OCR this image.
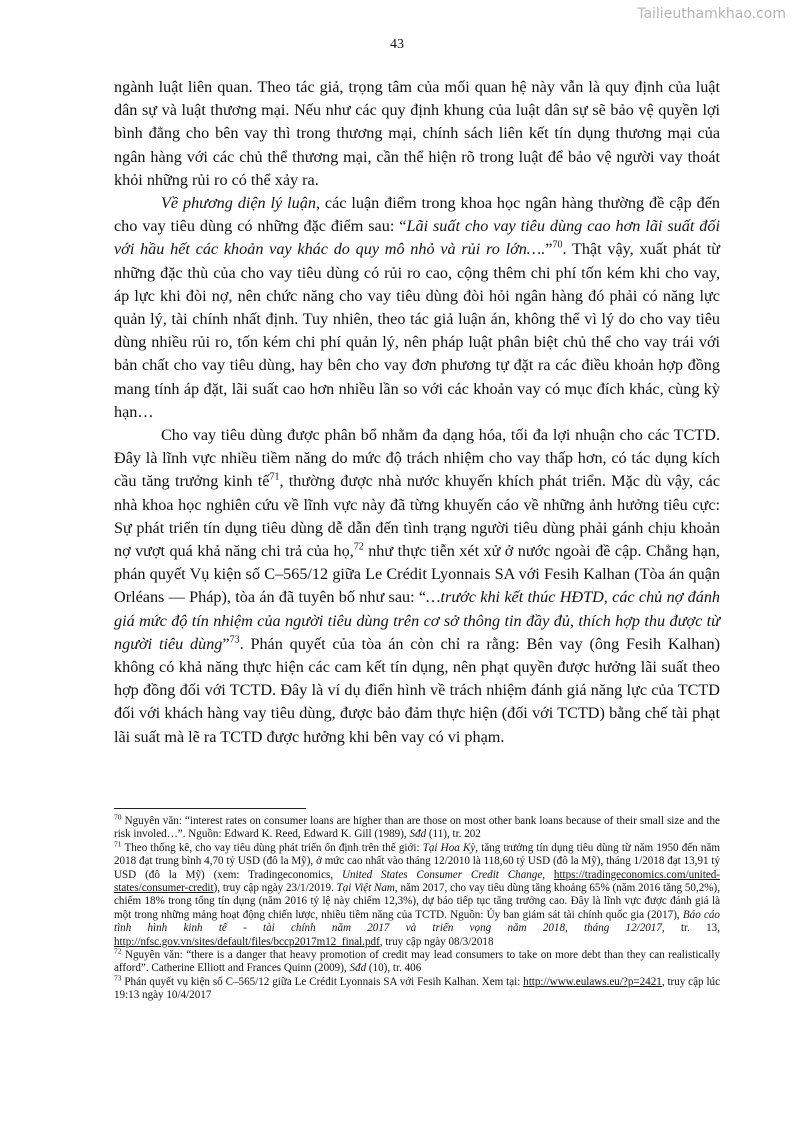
Tailieuthamkhao.com
43

ngành luật liên quan. Theo tác giả, trọng tâm của mối quan hệ này vẫn là quy định của luật dân sự và luật thương mại. Nếu như các quy định khung của luật dân sự sẽ bảo vệ quyền lợi bình đẳng cho bên vay thì trong thương mại, chính sách liên kết tín dụng thương mại của ngân hàng với các chủ thể thương mại, cần thể hiện rõ trong luật để bảo vệ người vay thoát khỏi những rủi ro có thể xảy ra.

Về phương diện lý luận, các luận điểm trong khoa học ngân hàng thường đề cập đến cho vay tiêu dùng có những đặc điểm sau: “Lãi suất cho vay tiêu dùng cao hơn lãi suất đối với hầu hết các khoản vay khác do quy mô nhỏ và rủi ro lớn….”$^{70}$. Thật vậy, xuất phát từ những đặc thù của cho vay tiêu dùng có rủi ro cao, cộng thêm chi phí tốn kém khi cho vay, áp lực khi đòi nợ, nên chức năng cho vay tiêu dùng đòi hỏi ngân hàng đó phải có năng lực quản lý, tài chính nhất định. Tuy nhiên, theo tác giả luận án, không thể vì lý do cho vay tiêu dùng nhiều rủi ro, tốn kém chi phí quản lý, nên pháp luật phân biệt chủ thể cho vay trái với bản chất cho vay tiêu dùng, hay bên cho vay đơn phương tự đặt ra các điều khoản hợp đồng mang tính áp đặt, lãi suất cao hơn nhiều lần so với các khoản vay có mục đích khác, cùng kỳ hạn…

Cho vay tiêu dùng được phân bổ nhằm đa dạng hóa, tối đa lợi nhuận cho các TCTD. Đây là lĩnh vực nhiều tiềm năng do mức độ trách nhiệm cho vay thấp hơn, có tác dụng kích cầu tăng trưởng kinh tế$^{71}$, thường được nhà nước khuyến khích phát triển. Mặc dù vậy, các nhà khoa học nghiên cứu về lĩnh vực này đã từng khuyến cáo về những ảnh hưởng tiêu cực: Sự phát triển tín dụng tiêu dùng dễ dẫn đến tình trạng người tiêu dùng phải gánh chịu khoản nợ vượt quá khả năng chi trả của họ,$^{72}$ như thực tiễn xét xử ở nước ngoài đề cập. Chẳng hạn, phán quyết Vụ kiện số C–565/12 giữa Le Crédit Lyonnais SA với Fesih Kalhan (Tòa án quận Orléans — Pháp), tòa án đã tuyên bố như sau: “…trước khi kết thúc HĐTD, các chủ nợ đánh giá mức độ tín nhiệm của người tiêu dùng trên cơ sở thông tin đầy đủ, thích hợp thu được từ người tiêu dùng”$^{73}$. Phán quyết của tòa án còn chỉ ra rằng: Bên vay (ông Fesih Kalhan) không có khả năng thực hiện các cam kết tín dụng, nên phạt quyền được hưởng lãi suất theo hợp đồng đối với TCTD. Đây là ví dụ điển hình về trách nhiệm đánh giá năng lực của TCTD đối với khách hàng vay tiêu dùng, được bảo đảm thực hiện (đối với TCTD) bằng chế tài phạt lãi suất mà lẽ ra TCTD được hưởng khi bên vay có vi phạm.

$^{70}$ Nguyên văn: “interest rates on consumer loans are higher than are those on most other bank loans because of their small size and the risk involed…”. Nguồn: Edward K. Reed, Edward K. Gill (1989), Sđd (11), tr. 202

$^{71}$ Theo thống kê, cho vay tiêu dùng phát triển ổn định trên thế giới: Tại Hoa Kỳ, tăng trưởng tín dụng tiêu dùng từ năm 1950 đến năm 2018 đạt trung bình 4,70 tỷ USD (đô la Mỹ), ở mức cao nhất vào tháng 12/2010 là 118,60 tỷ USD (đô la Mỹ), tháng 1/2018 đạt 13,91 tỷ USD (đô la Mỹ) (xem: Tradingeconomics, United States Consumer Credit Change, https://tradingeconomics.com/united-states/consumer-credit), truy cập ngày 23/1/2019. Tại Việt Nam, năm 2017, cho vay tiêu dùng tăng khoảng 65% (năm 2016 tăng 50,2%), chiếm 18% trong tổng tín dụng (năm 2016 tỷ lệ này chiếm 12,3%), dự báo tiếp tục tăng trưởng cao. Đây là lĩnh vực được đánh giá là một trong những mảng hoạt động chiến lược, nhiều tiềm năng của TCTD. Nguồn: Ủy ban giám sát tài chính quốc gia (2017), Báo cáo tình hình kinh tế - tài chính năm 2017 và triển vọng năm 2018, tháng 12/2017, tr. 13, http://nfsc.gov.vn/sites/default/files/bccp2017m12_final.pdf, truy cập ngày 08/3/2018

$^{72}$ Nguyên văn: “there is a danger that heavy promotion of credit may lead consumers to take on more debt than they can realistically afford”. Catherine Elliott and Frances Quinn (2009), Sđd (10), tr. 406

$^{73}$ Phán quyết vụ kiện số C–565/12 giữa Le Crédit Lyonnais SA với Fesih Kalhan. Xem tại: http://www.eulaws.eu/?p=2421, truy cập lúc 19:13 ngày 10/4/2017
